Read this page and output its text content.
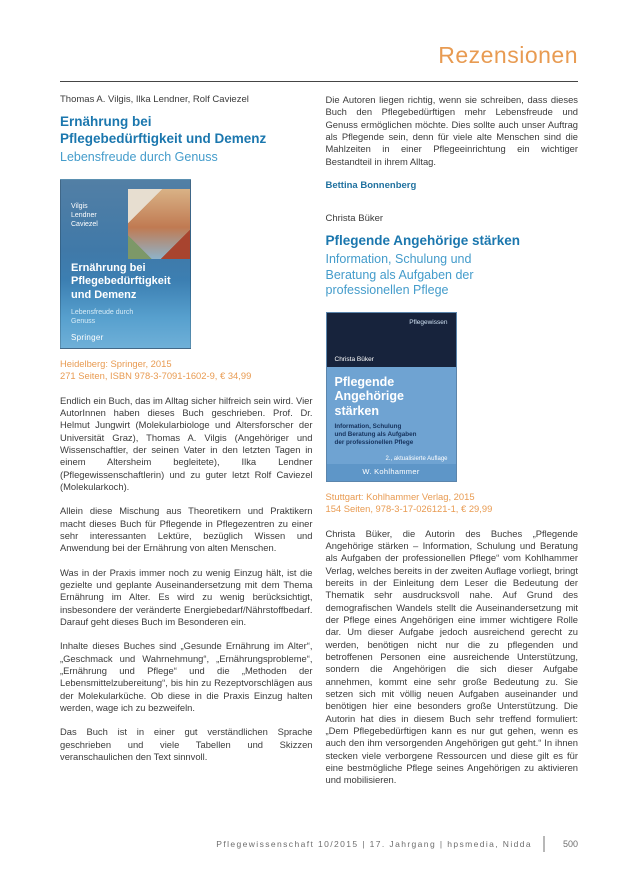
Rezensionen
Thomas A. Vilgis, Ilka Lendner, Rolf Caviezel
Ernährung bei
Pflegebedürftigkeit und Demenz
Lebensfreude durch Genuss
Vilgis
Lendner
Caviezel
Ernährung bei
Pflegebedürftigkeit
und Demenz
Lebensfreude durch
Genuss
Springer
Heidelberg: Springer, 2015
271 Seiten, ISBN 978-3-7091-1602-9, € 34,99
Endlich ein Buch, das im Alltag sicher hilfreich sein wird. Vier AutorInnen haben dieses Buch geschrieben. Prof. Dr. Helmut Jungwirt (Molekularbiologe und Altersforscher der Universität Graz), Thomas A. Vilgis (Angehöriger und Wissenschaftler, der seinen Vater in den letzten Tagen in einem Altersheim begleitete), Ilka Lendner (Pflegewissenschaftlerin) und zu guter letzt Rolf Caviezel (Molekularkoch).
Allein diese Mischung aus Theoretikern und Praktikern macht dieses Buch für Pflegende in Pflegezentren zu einer sehr interessanten Lektüre, bezüglich Wissen und Anwendung bei der Ernährung von alten Menschen.
Was in der Praxis immer noch zu wenig Einzug hält, ist die gezielte und geplante Auseinandersetzung mit dem Thema Ernährung im Alter. Es wird zu wenig berücksichtigt, insbesondere der veränderte Energiebedarf/Nährstoffbedarf. Darauf geht dieses Buch im Besonderen ein.
Inhalte dieses Buches sind „Gesunde Ernährung im Alter“, „Geschmack und Wahrnehmung“, „Ernährungsprobleme“, „Ernährung und Pflege“ und die „Methoden der Lebensmittelzubereitung“, bis hin zu Rezeptvorschlägen aus der Molekularküche. Ob diese in die Praxis Einzug halten werden, wage ich zu bezweifeln.
Das Buch ist in einer gut verständlichen Sprache geschrieben und viele Tabellen und Skizzen veranschaulichen den Text sinnvoll.
Die Autoren liegen richtig, wenn sie schreiben, dass dieses Buch den Pflegebedürftigen mehr Lebensfreude und Genuss ermöglichen möchte. Dies sollte auch unser Auftrag als Pflegende sein, denn für viele alte Menschen sind die Mahlzeiten in einer Pflegeeinrichtung ein wichtiger Bestandteil in ihrem Alltag.
Bettina Bonnenberg
Christa Büker
Pflegende Angehörige stärken
Information, Schulung und
Beratung als Aufgaben der
professionellen Pflege
Pflegewissen
Christa Büker
Pflegende
Angehörige
stärken
Information, Schulung
und Beratung als Aufgaben
der professionellen Pflege
2., aktualisierte Auflage
W. Kohlhammer
Stuttgart: Kohlhammer Verlag, 2015
154 Seiten, 978-3-17-026121-1, € 29,99
Christa Büker, die Autorin des Buches „Pflegende Angehörige stärken – Information, Schulung und Beratung als Aufgaben der professionellen Pflege“ vom Kohlhammer Verlag, welches bereits in der zweiten Auflage vorliegt, bringt bereits in der Einleitung dem Leser die Bedeutung der Thematik sehr ausdrucksvoll nahe. Auf Grund des demografischen Wandels stellt die Auseinandersetzung mit der Pflege eines Angehörigen eine immer wichtigere Rolle dar. Um dieser Aufgabe jedoch ausreichend gerecht zu werden, benötigen nicht nur die zu pflegenden und betroffenen Personen eine ausreichende Unterstützung, sondern die Angehörigen die sich dieser Aufgabe annehmen, kommt eine sehr große Bedeutung zu. Sie setzen sich mit völlig neuen Aufgaben auseinander und benötigen hier eine besonders große Unterstützung. Die Autorin hat dies in diesem Buch sehr treffend formuliert: „Dem Pflegebedürftigen kann es nur gut gehen, wenn es auch den ihm versorgenden Angehörigen gut geht.“ In ihnen stecken viele verborgene Ressourcen und diese gilt es für eine bestmögliche Pflege seines Angehörigen zu aktivieren und mobilisieren.
Pflegewissenschaft 10/2015 | 17. Jahrgang | hpsmedia, Nidda	500
